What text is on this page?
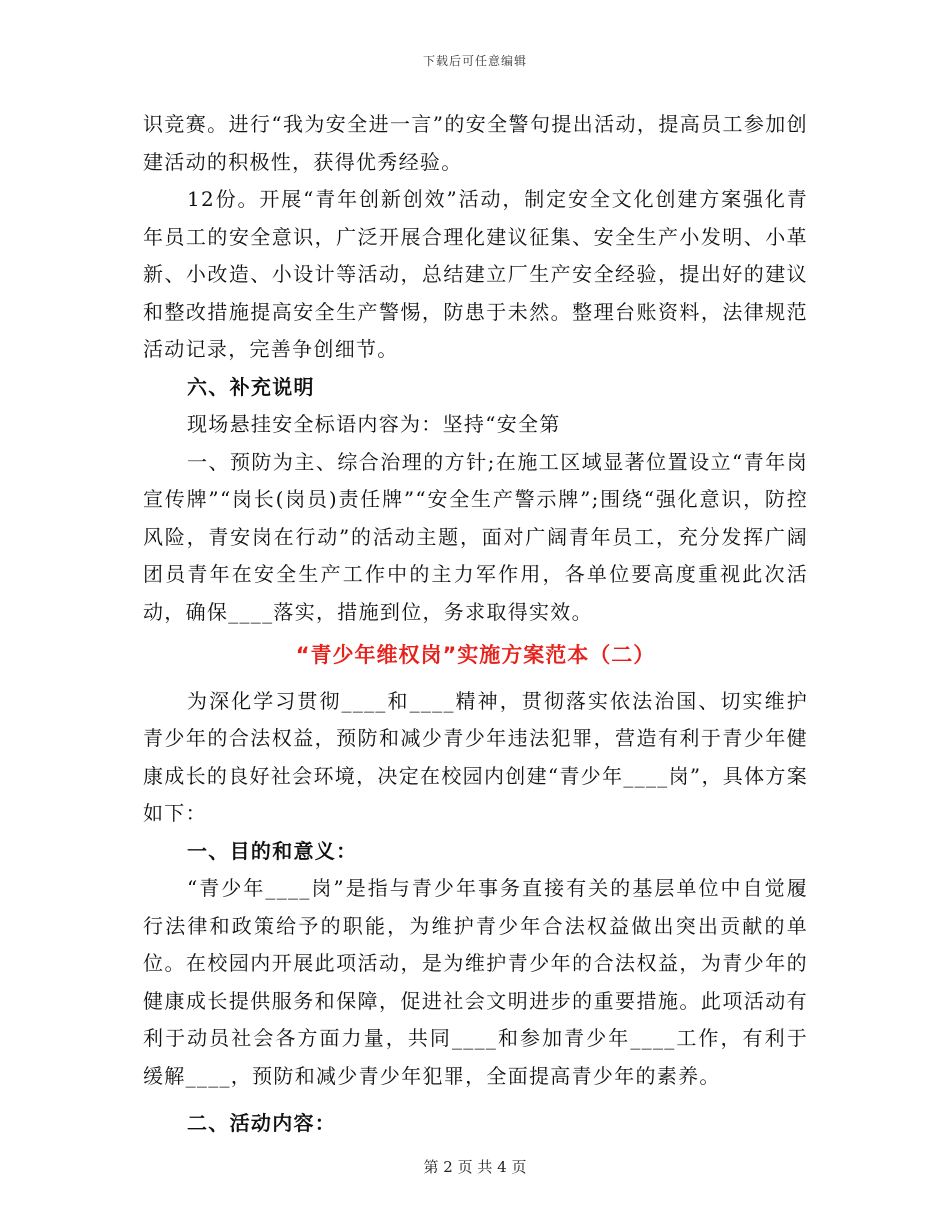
下载后可任意编辑

识竞赛。进行“我为安全进一言”的安全警句提出活动，提高员工参加创建活动的积极性，获得优秀经验。

12份。开展“青年创新创效”活动，制定安全文化创建方案强化青年员工的安全意识，广泛开展合理化建议征集、安全生产小发明、小革新、小改造、小设计等活动，总结建立厂生产安全经验，提出好的建议和整改措施提高安全生产警惕，防患于未然。整理台账资料，法律规范活动记录，完善争创细节。

六、补充说明

现场悬挂安全标语内容为：坚持“安全第

一、预防为主、综合治理的方针;在施工区域显著位置设立“青年岗宣传牌”“岗长(岗员)责任牌”“安全生产警示牌”;围绕“强化意识，防控风险，青安岗在行动”的活动主题，面对广阔青年员工，充分发挥广阔团员青年在安全生产工作中的主力军作用，各单位要高度重视此次活动，确保____落实，措施到位，务求取得实效。

“青少年维权岗”实施方案范本（二）

为深化学习贯彻____和____精神，贯彻落实依法治国、切实维护青少年的合法权益，预防和减少青少年违法犯罪，营造有利于青少年健康成长的良好社会环境，决定在校园内创建“青少年____岗”，具体方案如下：

一、目的和意义：

“青少年____岗”是指与青少年事务直接有关的基层单位中自觉履行法律和政策给予的职能，为维护青少年合法权益做出突出贡献的单位。在校园内开展此项活动，是为维护青少年的合法权益，为青少年的健康成长提供服务和保障，促进社会文明进步的重要措施。此项活动有利于动员社会各方面力量，共同____和参加青少年____工作，有利于缓解____，预防和减少青少年犯罪，全面提高青少年的素养。

二、活动内容：

第 2 页 共 4 页
